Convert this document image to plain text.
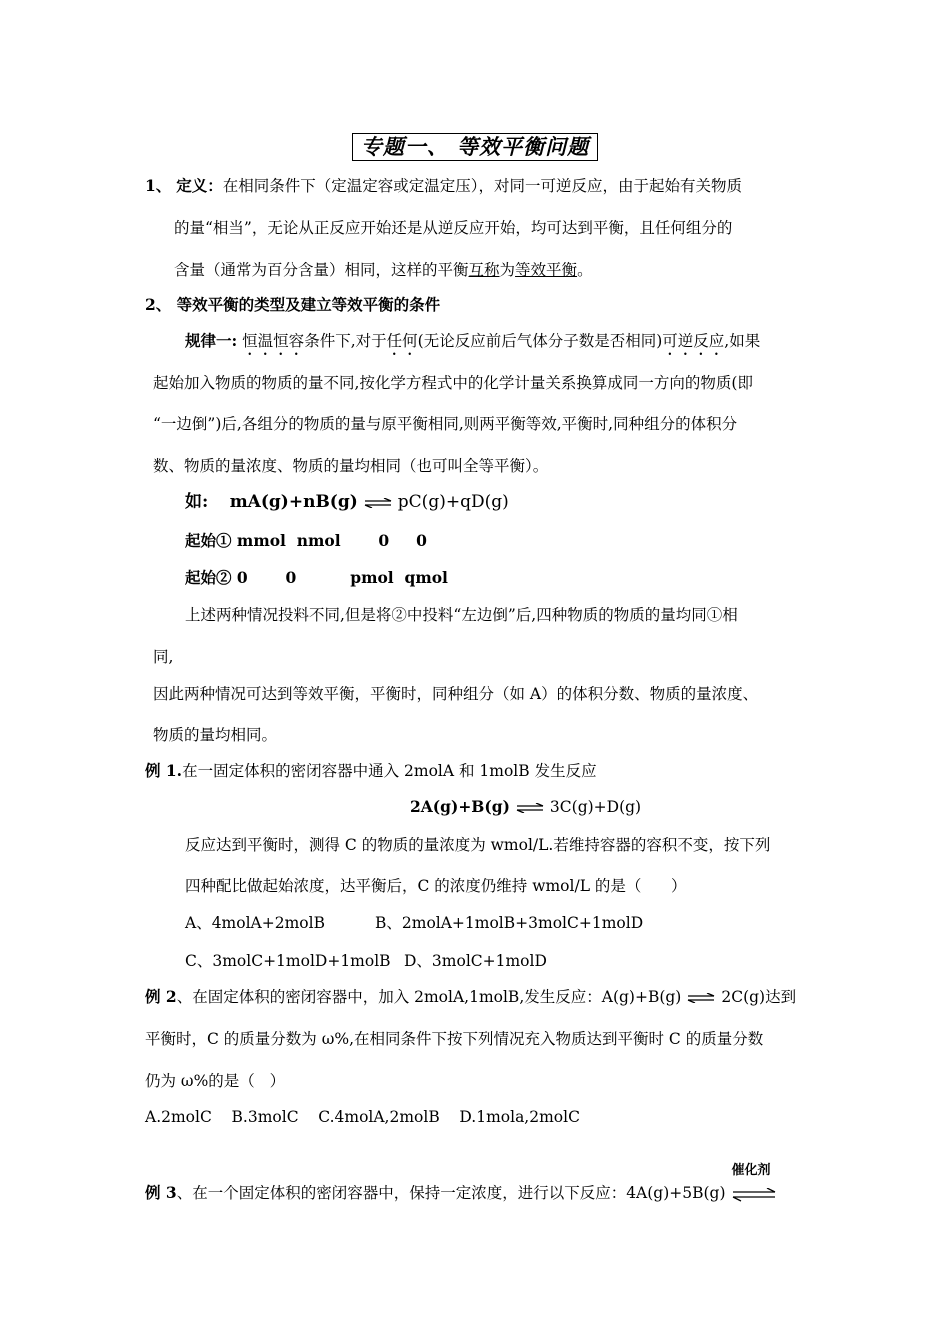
专题一、 等效平衡问题
1、 定义：在相同条件下（定温定容或定温定压），对同一可逆反应，由于起始有关物质
的量“相当”，无论从正反应开始还是从逆反应开始，均可达到平衡，且任何组分的
含量（通常为百分含量）相同，这样的平衡互称为等效平衡。
2、 等效平衡的类型及建立等效平衡的条件
规律一: 恒温恒容条件下,对于任何(无论反应前后气体分子数是否相同)可逆反应,如果
起始加入物质的物质的量不同,按化学方程式中的化学计量关系换算成同一方向的物质(即
“一边倒”)后,各组分的物质的量与原平衡相同,则两平衡等效,平衡时,同种组分的体积分
数、物质的量浓度、物质的量均相同（也可叫全等平衡）。
如: mA(g)+nB(g) ⇌ pC(g)+qD(g)
起始① mmol  nmol       0     0
起始② 0       0          pmol  qmol
上述两种情况投料不同,但是将②中投料“左边倒”后,四种物质的物质的量均同①相
同,
因此两种情况可达到等效平衡，平衡时，同种组分（如 A）的体积分数、物质的量浓度、
物质的量均相同。
例 1.在一固定体积的密闭容器中通入 2molA 和 1molB 发生反应
2A(g)+B(g) ⇌ 3C(g)+D(g)
反应达到平衡时，测得 C 的物质的量浓度为 wmol/L.若维持容器的容积不变，按下列
四种配比做起始浓度，达平衡后，C 的浓度仍维持 wmol/L 的是（      ）
A、4molA+2molB	B、2molA+1molB+3molC+1molD
C、3molC+1molD+1molB D、3molC+1molD
例 2、在固定体积的密闭容器中，加入 2molA,1molB,发生反应：A(g)+B(g) ⇌ 2C(g)达到
平衡时，C 的质量分数为 ω%,在相同条件下按下列情况充入物质达到平衡时 C 的质量分数
仍为 ω%的是（   ）
A.2molC    B.3molC    C.4molA,2molB    D.1mola,2molC
例 3、在一个固定体积的密闭容器中，保持一定浓度，进行以下反应：4A(g)+5B(g)
催化剂
